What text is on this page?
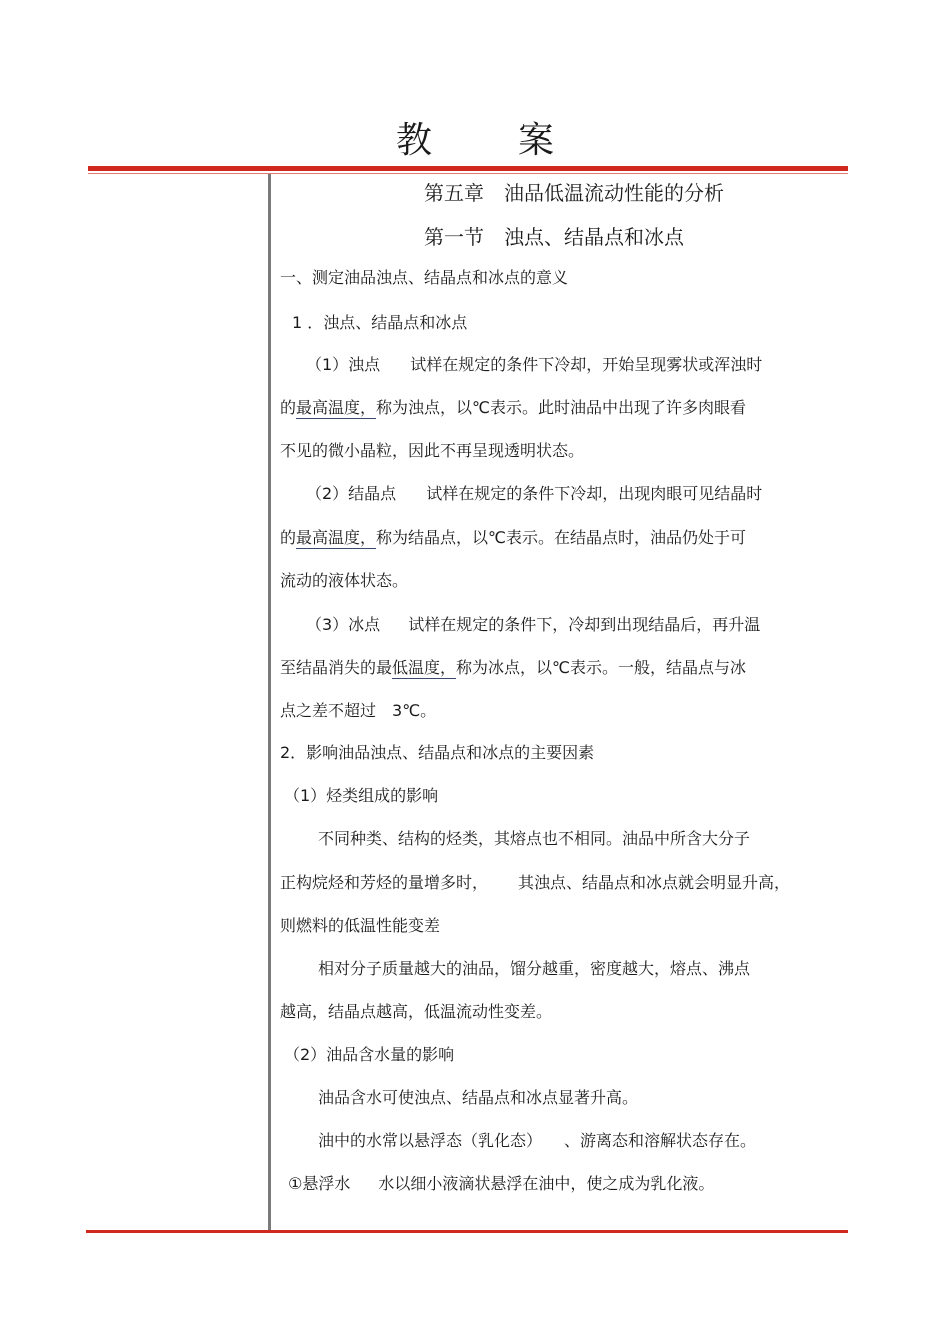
教 案
第五章　油品低温流动性能的分析
第一节　浊点、结晶点和冰点
一、测定油品浊点、结晶点和冰点的意义
1 ．浊点、结晶点和冰点
（1）浊点 试样在规定的条件下冷却，开始呈现雾状或浑浊时
的最高温度，称为浊点，以℃表示。此时油品中出现了许多肉眼看
不见的微小晶粒，因此不再呈现透明状态。
（2）结晶点 试样在规定的条件下冷却，出现肉眼可见结晶时
的最高温度，称为结晶点，以℃表示。在结晶点时，油品仍处于可
流动的液体状态。
（3）冰点 试样在规定的条件下，冷却到出现结晶后，再升温
至结晶消失的最低温度，称为冰点，以℃表示。一般，结晶点与冰
点之差不超过 3℃。
2．影响油品浊点、结晶点和冰点的主要因素
（1）烃类组成的影响
不同种类、结构的烃类，其熔点也不相同。油品中所含大分子
正构烷烃和芳烃的量增多时， 其浊点、结晶点和冰点就会明显升高，
则燃料的低温性能变差
相对分子质量越大的油品，馏分越重，密度越大，熔点、沸点
越高，结晶点越高，低温流动性变差。
（2）油品含水量的影响
油品含水可使浊点、结晶点和冰点显著升高。
油中的水常以悬浮态（乳化态） 、游离态和溶解状态存在。
①悬浮水 水以细小液滴状悬浮在油中，使之成为乳化液。
